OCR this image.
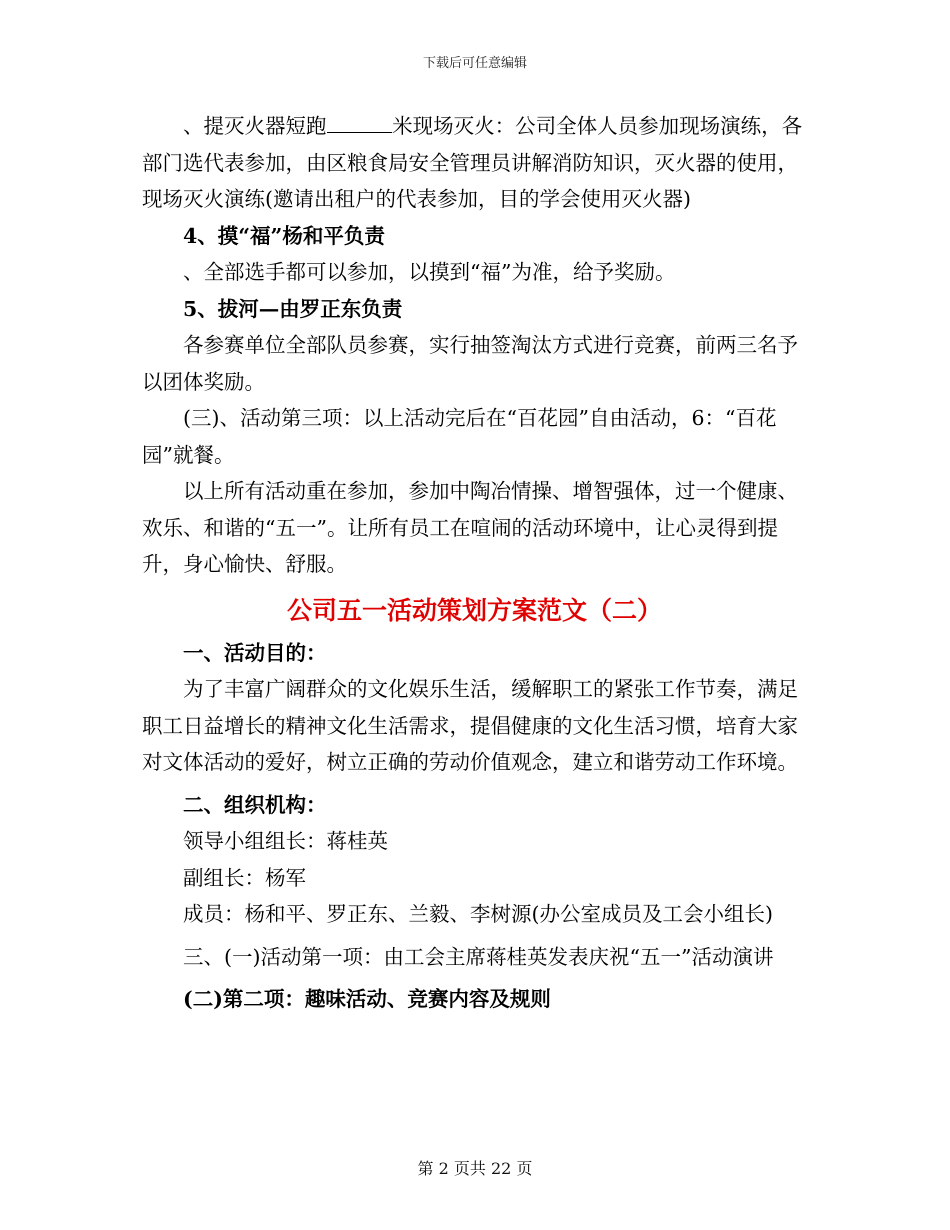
下载后可任意编辑

、提灭火器短跑	米现场灭火：公司全体人员参加现场演练，各部门选代表参加，由区粮食局安全管理员讲解消防知识，灭火器的使用，现场灭火演练(邀请出租户的代表参加，目的学会使用灭火器)

4、摸“福”杨和平负责

、全部选手都可以参加，以摸到“福”为准，给予奖励。

5、拔河—由罗正东负责

各参赛单位全部队员参赛，实行抽签淘汰方式进行竞赛，前两三名予以团体奖励。

(三)、活动第三项：以上活动完后在“百花园”自由活动，6：“百花园”就餐。

以上所有活动重在参加，参加中陶冶情操、增智强体，过一个健康、欢乐、和谐的“五一”。让所有员工在喧闹的活动环境中，让心灵得到提升，身心愉快、舒服。

公司五一活动策划方案范文（二）

一、活动目的：

为了丰富广阔群众的文化娱乐生活，缓解职工的紧张工作节奏，满足职工日益增长的精神文化生活需求，提倡健康的文化生活习惯，培育大家对文体活动的爱好，树立正确的劳动价值观念，建立和谐劳动工作环境。

二、组织机构：

领导小组组长：蒋桂英

副组长：杨军

成员：杨和平、罗正东、兰毅、李树源(办公室成员及工会小组长)

三、(一)活动第一项：由工会主席蒋桂英发表庆祝“五一”活动演讲

(二)第二项：趣味活动、竞赛内容及规则

第 2 页共 22 页
